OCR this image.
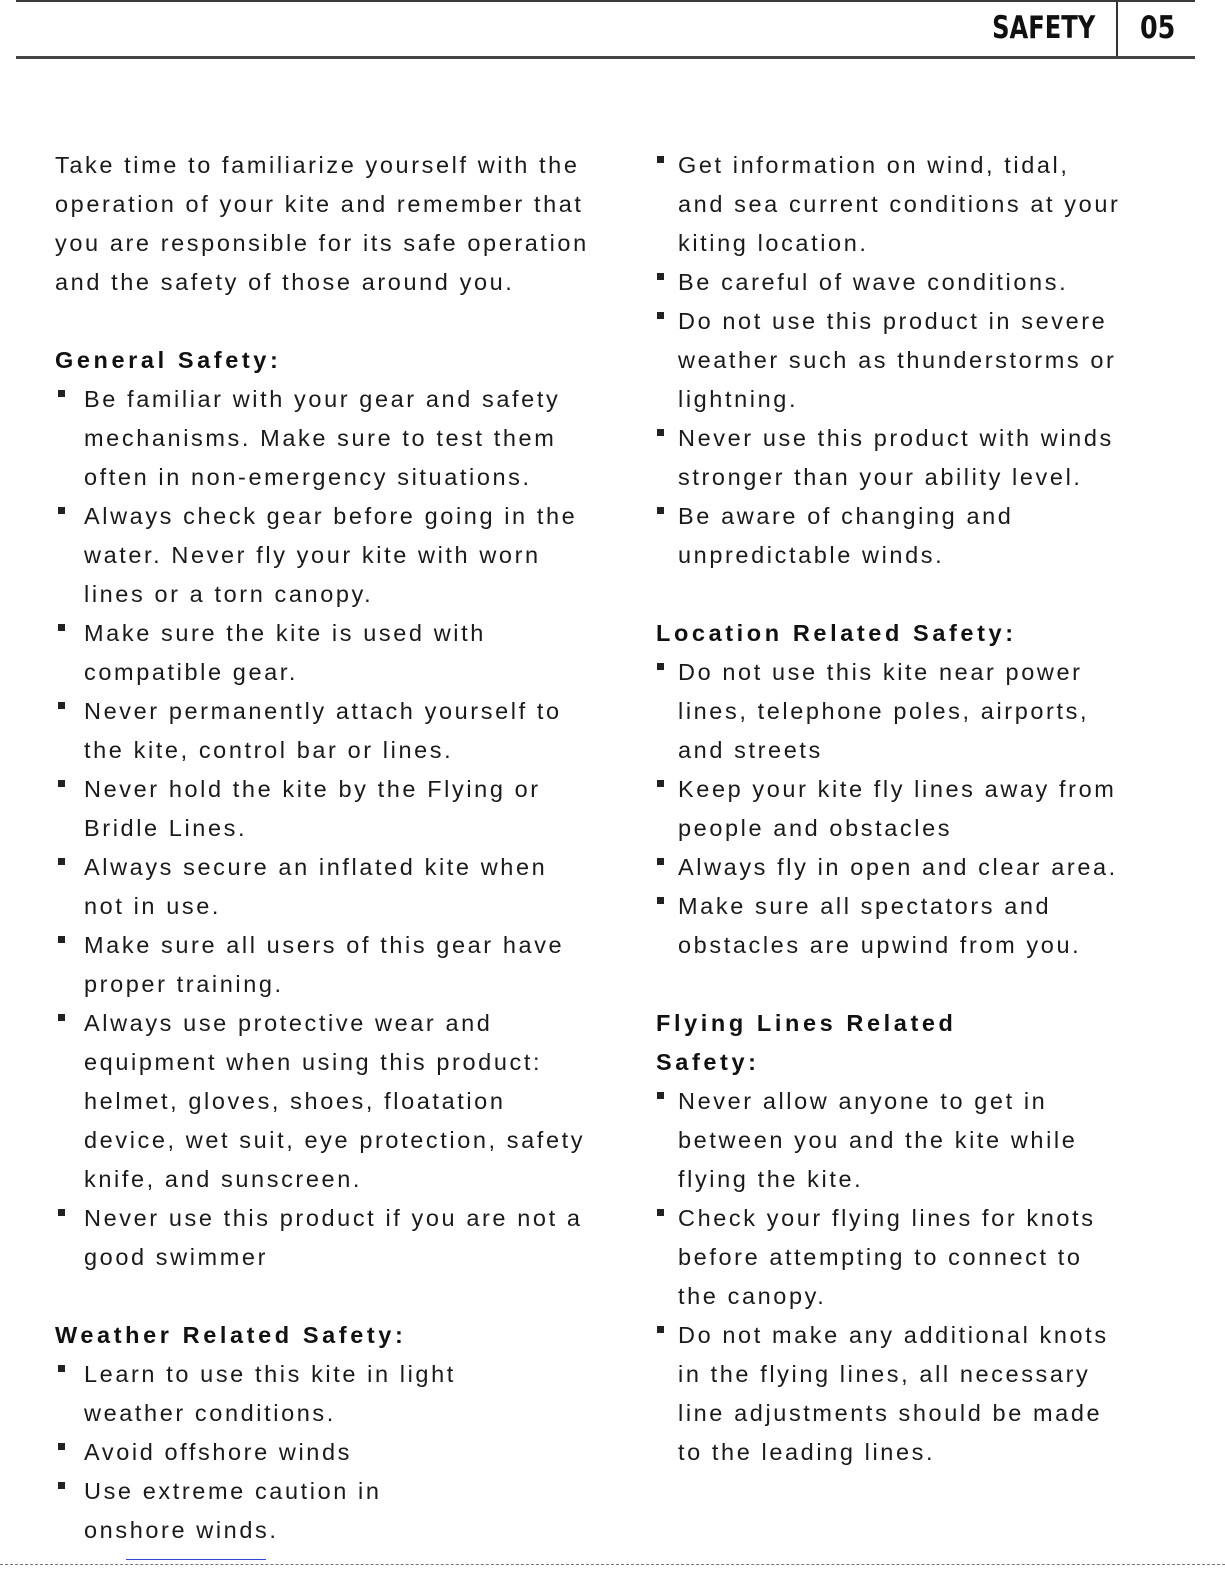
SAFETY 05
Take time to familiarize yourself with the
operation of your kite and remember that
you are responsible for its safe operation
and the safety of those around you.
General Safety:
Be familiar with your gear and safety
mechanisms. Make sure to test them
often in non-emergency situations.
Always check gear before going in the
water. Never fly your kite with worn
lines or a torn canopy.
Make sure the kite is used with
compatible gear.
Never permanently attach yourself to
the kite, control bar or lines.
Never hold the kite by the Flying or
Bridle Lines.
Always secure an inflated kite when
not in use.
Make sure all users of this gear have
proper training.
Always use protective wear and
equipment when using this product:
helmet, gloves, shoes, floatation
device, wet suit, eye protection, safety
knife, and sunscreen.
Never use this product if you are not a
good swimmer
Weather Related Safety:
Learn to use this kite in light
weather conditions.
Avoid offshore winds
Use extreme caution in
onshore winds.
Get information on wind, tidal,
and sea current conditions at your
kiting location.
Be careful of wave conditions.
Do not use this product in severe
weather such as thunderstorms or
lightning.
Never use this product with winds
stronger than your ability level.
Be aware of changing and
unpredictable winds.
Location Related Safety:
Do not use this kite near power
lines, telephone poles, airports,
and streets
Keep your kite fly lines away from
people and obstacles
Always fly in open and clear area.
Make sure all spectators and
obstacles are upwind from you.
Flying Lines Related
Safety:
Never allow anyone to get in
between you and the kite while
flying the kite.
Check your flying lines for knots
before attempting to connect to
the canopy.
Do not make any additional knots
in the flying lines, all necessary
line adjustments should be made
to the leading lines.
